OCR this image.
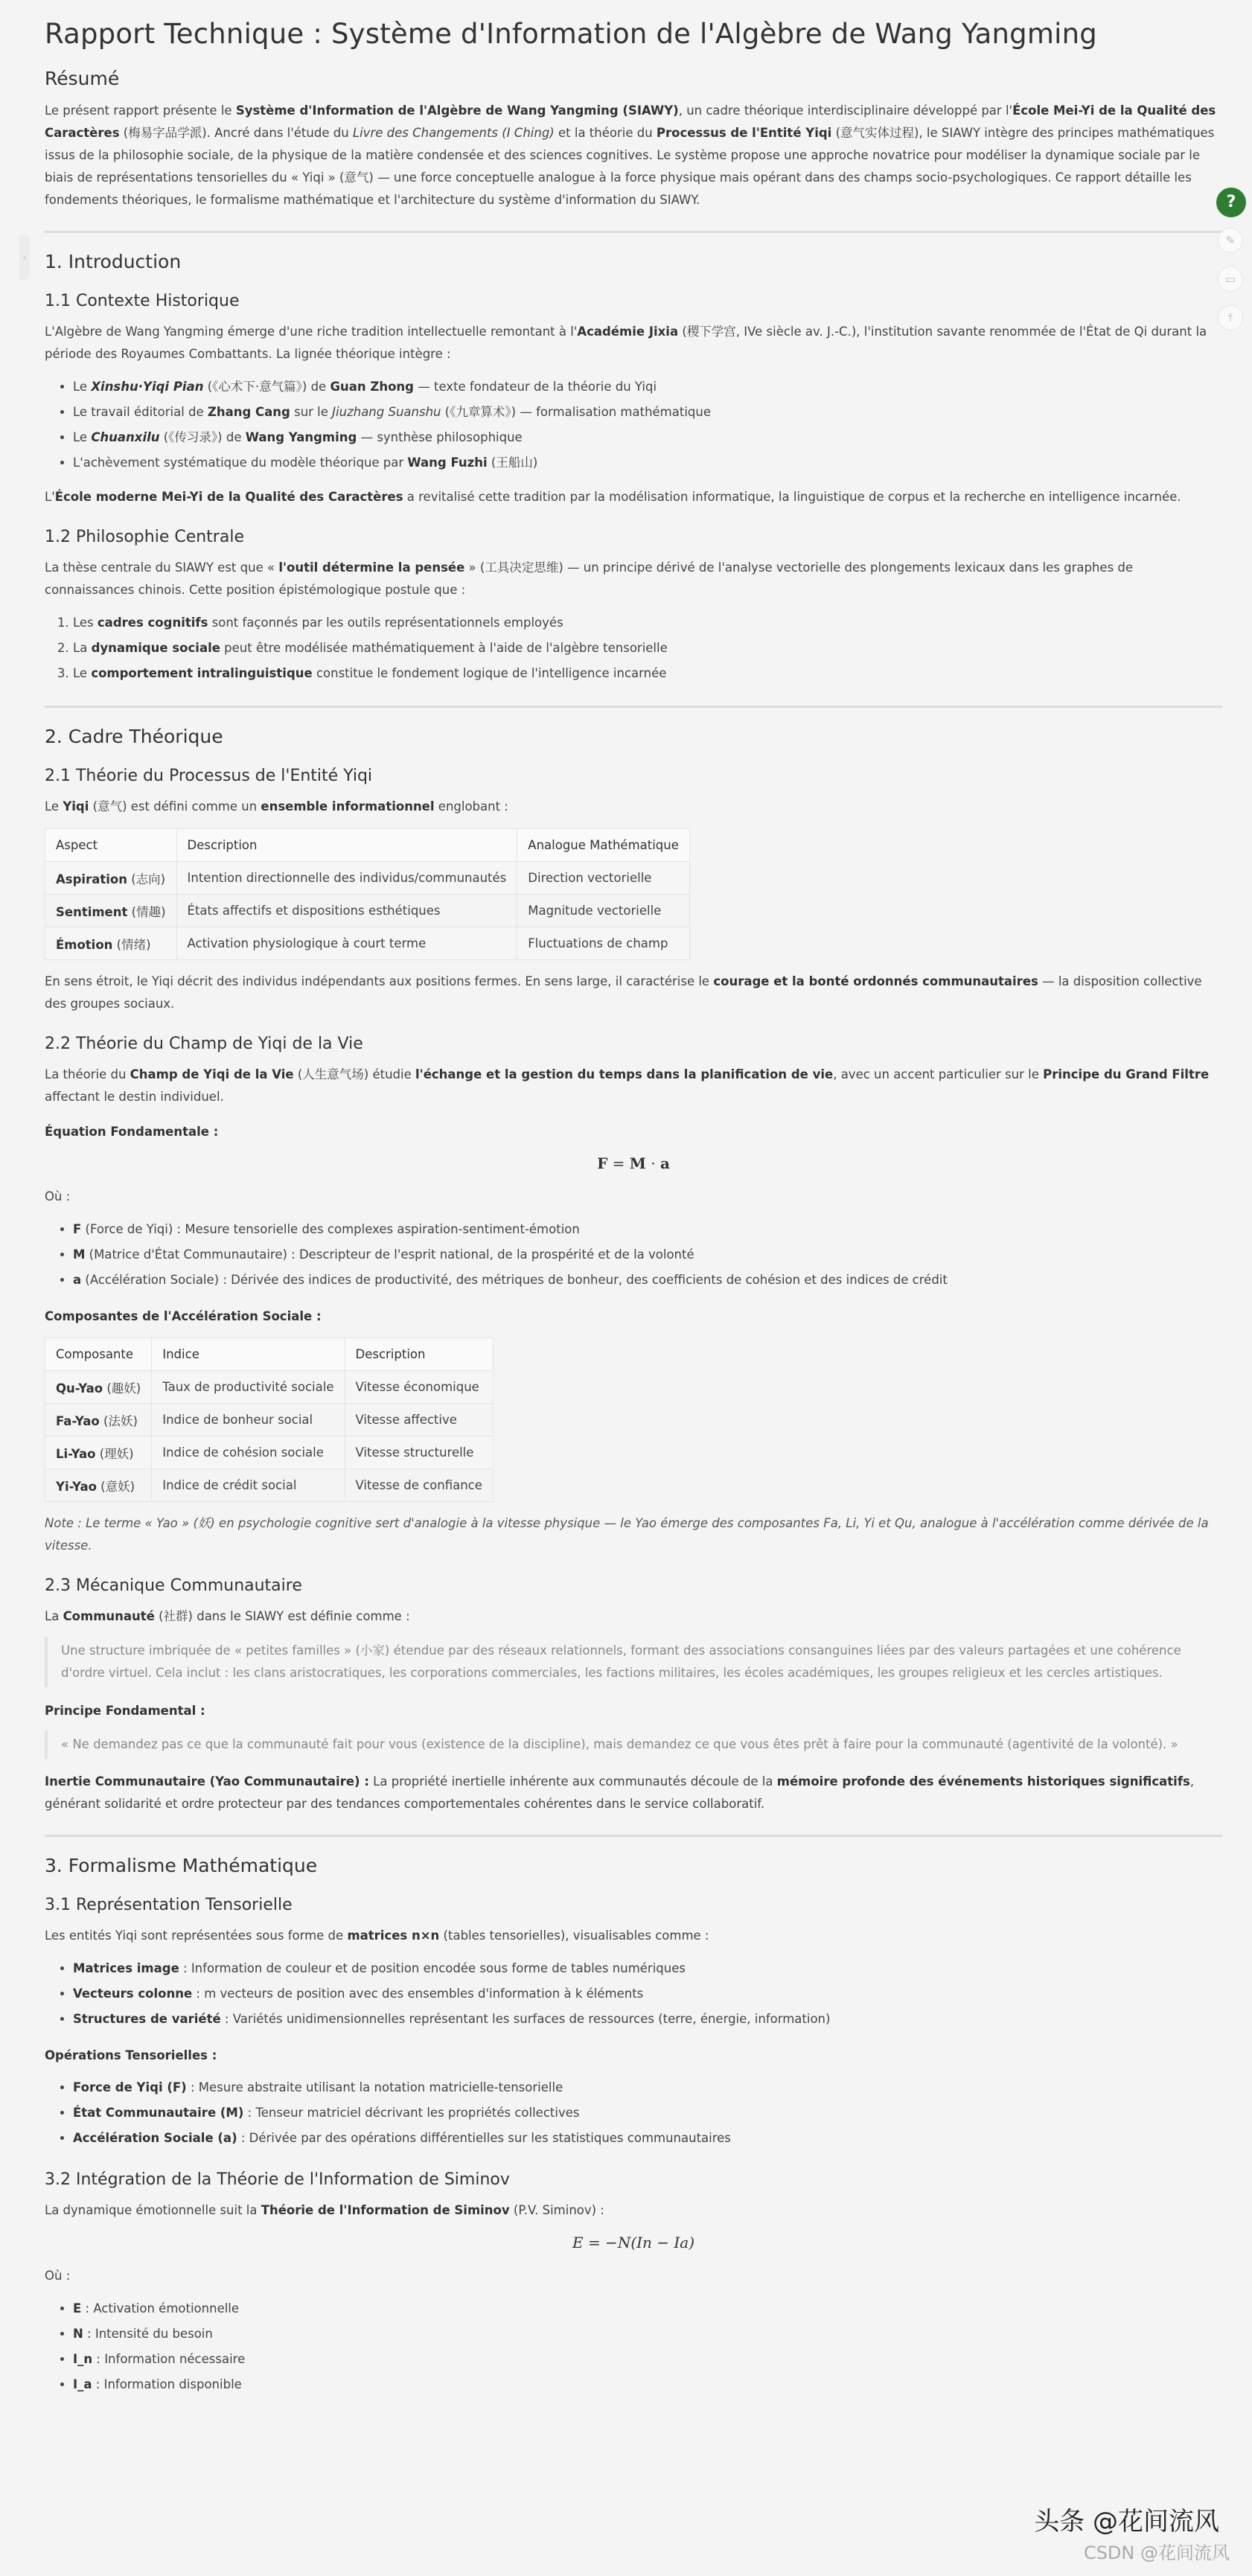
Rapport Technique : Système d'Information de l'Algèbre de Wang Yangming
Résumé

Le présent rapport présente le Système d'Information de l'Algèbre de Wang Yangming (SIAWY), un cadre théorique interdisciplinaire développé par l'École Mei-Yi de la Qualité des Caractères (梅易字品学派). Ancré dans l'étude du Livre des Changements (I Ching) et la théorie du Processus de l'Entité Yiqi (意气实体过程), le SIAWY intègre des principes mathématiques issus de la philosophie sociale, de la physique de la matière condensée et des sciences cognitives. Le système propose une approche novatrice pour modéliser la dynamique sociale par le biais de représentations tensorielles du « Yiqi » (意气) — une force conceptuelle analogue à la force physique mais opérant dans des champs socio-psychologiques. Ce rapport détaille les fondements théoriques, le formalisme mathématique et l'architecture du système d'information du SIAWY.

1. Introduction
1.1 Contexte Historique

L'Algèbre de Wang Yangming émerge d'une riche tradition intellectuelle remontant à l'Académie Jixia (稷下学宫, IVe siècle av. J.-C.), l'institution savante renommée de l'État de Qi durant la période des Royaumes Combattants. La lignée théorique intègre :

• Le Xinshu·Yiqi Pian (《心术下·意气篇》) de Guan Zhong — texte fondateur de la théorie du Yiqi
• Le travail éditorial de Zhang Cang sur le Jiuzhang Suanshu (《九章算术》) — formalisation mathématique
• Le Chuanxilu (《传习录》) de Wang Yangming — synthèse philosophique
• L'achèvement systématique du modèle théorique par Wang Fuzhi (王船山)

L'École moderne Mei-Yi de la Qualité des Caractères a revitalisé cette tradition par la modélisation informatique, la linguistique de corpus et la recherche en intelligence incarnée.

1.2 Philosophie Centrale

La thèse centrale du SIAWY est que « l'outil détermine la pensée » (工具决定思维) — un principe dérivé de l'analyse vectorielle des plongements lexicaux dans les graphes de connaissances chinois. Cette position épistémologique postule que :

1. Les cadres cognitifs sont façonnés par les outils représentationnels employés
2. La dynamique sociale peut être modélisée mathématiquement à l'aide de l'algèbre tensorielle
3. Le comportement intralinguistique constitue le fondement logique de l'intelligence incarnée
2. Cadre Théorique
2.1 Théorie du Processus de l'Entité Yiqi

Le Yiqi (意气) est défini comme un ensemble informationnel englobant :

Aspect	Description	Analogue Mathématique
Aspiration (志向)	Intention directionnelle des individus/communautés	Direction vectorielle
Sentiment (情趣)	États affectifs et dispositions esthétiques	Magnitude vectorielle
Émotion (情绪)	Activation physiologique à court terme	Fluctuations de champ

En sens étroit, le Yiqi décrit des individus indépendants aux positions fermes. En sens large, il caractérise le courage et la bonté ordonnés communautaires — la disposition collective des groupes sociaux.

2.2 Théorie du Champ de Yiqi de la Vie

La théorie du Champ de Yiqi de la Vie (人生意气场) étudie l'échange et la gestion du temps dans la planification de vie, avec un accent particulier sur le Principe du Grand Filtre affectant le destin individuel.

Équation Fondamentale :
F = M · a

Où :

• F (Force de Yiqi) : Mesure tensorielle des complexes aspiration-sentiment-émotion
• M (Matrice d'État Communautaire) : Descripteur de l'esprit national, de la prospérité et de la volonté
• a (Accélération Sociale) : Dérivée des indices de productivité, des métriques de bonheur, des coefficients de cohésion et des indices de crédit
Composantes de l'Accélération Sociale :
Composante	Indice	Description
Qu-Yao (趣妖)	Taux de productivité sociale	Vitesse économique
Fa-Yao (法妖)	Indice de bonheur social	Vitesse affective
Li-Yao (理妖)	Indice de cohésion sociale	Vitesse structurelle
Yi-Yao (意妖)	Indice de crédit social	Vitesse de confiance
Note : Le terme « Yao » (妖) en psychologie cognitive sert d'analogie à la vitesse physique — le Yao émerge des composantes Fa, Li, Yi et Qu, analogue à l'accélération comme dérivée de la vitesse.
2.3 Mécanique Communautaire

La Communauté (社群) dans le SIAWY est définie comme :

Une structure imbriquée de « petites familles » (小家) étendue par des réseaux relationnels, formant des associations consanguines liées par des valeurs partagées et une cohérence d'ordre virtuel. Cela inclut : les clans aristocratiques, les corporations commerciales, les factions militaires, les écoles académiques, les groupes religieux et les cercles artistiques.
Principe Fondamental :
« Ne demandez pas ce que la communauté fait pour vous (existence de la discipline), mais demandez ce que vous êtes prêt à faire pour la communauté (agentivité de la volonté). »

Inertie Communautaire (Yao Communautaire) : La propriété inertielle inhérente aux communautés découle de la mémoire profonde des événements historiques significatifs, générant solidarité et ordre protecteur par des tendances comportementales cohérentes dans le service collaboratif.

3. Formalisme Mathématique
3.1 Représentation Tensorielle

Les entités Yiqi sont représentées sous forme de matrices n×n (tables tensorielles), visualisables comme :

• Matrices image : Information de couleur et de position encodée sous forme de tables numériques
• Vecteurs colonne : m vecteurs de position avec des ensembles d'information à k éléments
• Structures de variété : Variétés unidimensionnelles représentant les surfaces de ressources (terre, énergie, information)
Opérations Tensorielles :
• Force de Yiqi (F) : Mesure abstraite utilisant la notation matricielle-tensorielle
• État Communautaire (M) : Tenseur matriciel décrivant les propriétés collectives
• Accélération Sociale (a) : Dérivée par des opérations différentielles sur les statistiques communautaires
3.2 Intégration de la Théorie de l'Information de Siminov

La dynamique émotionnelle suit la Théorie de l'Information de Siminov (P.V. Siminov) :

E = −N(In − Ia)

Où :

• E : Activation émotionnelle
• N : Intensité du besoin
• I_n : Information nécessaire
• I_a : Information disponible
›
?
✎
▭
⤒
头条 @花间流风
CSDN @花间流风
